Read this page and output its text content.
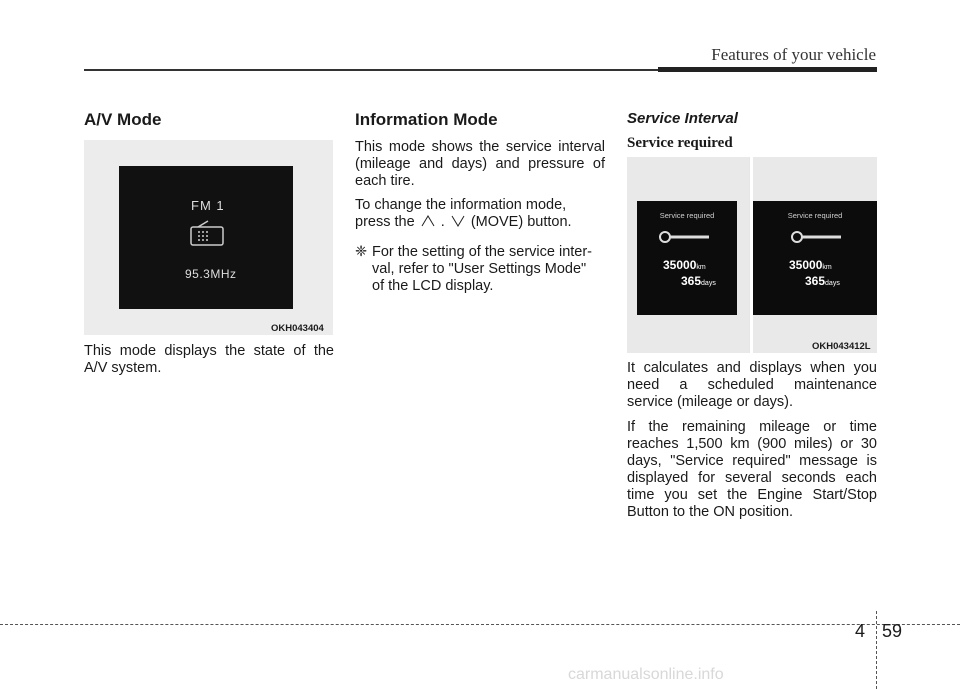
Features of your vehicle
A/V Mode
FM 1
95.3MHz
OKH043404

This mode displays the state of the A/V system.

Information Mode

This mode shows the service interval (mileage and days) and pressure of each tire.

To change the information mode,
press the  .  (MOVE) button.

❈ For the setting of the service inter-
val, refer to "User Settings Mode"
of the LCD display.
Service Interval
Service required
Service required
35000km
365days
Service required
35000km
365days
OKH043412L

It calculates and displays when you need a scheduled maintenance service (mileage or days).

If the remaining mileage or time reaches 1,500 km (900 miles) or 30 days, "Service required" message is displayed for several seconds each time you set the Engine Start/Stop Button to the ON position.

4 59
carmanualsonline.info
